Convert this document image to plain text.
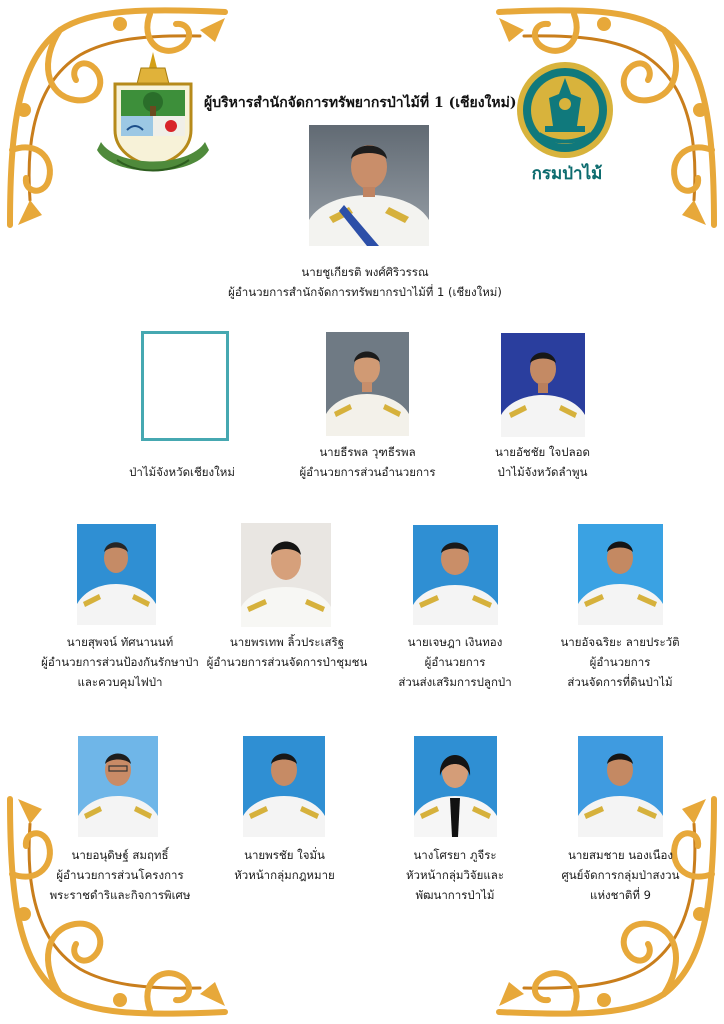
ผู้บริหารสำนักจัดการทรัพยากรป่าไม้ที่ 1 (เชียงใหม่)
กรมป่าไม้
นายชูเกียรติ พงศ์ศิริวรรณ
ผู้อำนวยการสำนักจัดการทรัพยากรป่าไม้ที่ 1 (เชียงใหม่)
ป่าไม้จังหวัดเชียงใหม่
นายธีรพล วุฑธีรพล
ผู้อำนวยการส่วนอำนวยการ
นายอัชชัย ใจปลอด
ป่าไม้จังหวัดลำพูน
นายสุพจน์ ทัศนานนท์
ผู้อำนวยการส่วนป้องกันรักษาป่า
และควบคุมไฟป่า
นายพรเทพ ลิ้วประเสริฐ
ผู้อำนวยการส่วนจัดการป่าชุมชน
นายเจษฎา เงินทอง
ผู้อำนวยการ
ส่วนส่งเสริมการปลูกป่า
นายอัจฉริยะ ลายประวัติ
ผู้อำนวยการ
ส่วนจัดการที่ดินป่าไม้
นายอนุดิษฐ์ สมฤทธิ์
ผู้อำนวยการส่วนโครงการ
พระราชดำริและกิจการพิเศษ
นายพรชัย ใจมั่น
หัวหน้ากลุ่มกฎหมาย
นางโศรยา ภูจีระ
หัวหน้ากลุ่มวิจัยและ
พัฒนาการป่าไม้
นายสมชาย นองเนือง
ศูนย์จัดการกลุ่มป่าสงวน
แห่งชาติที่ 9
